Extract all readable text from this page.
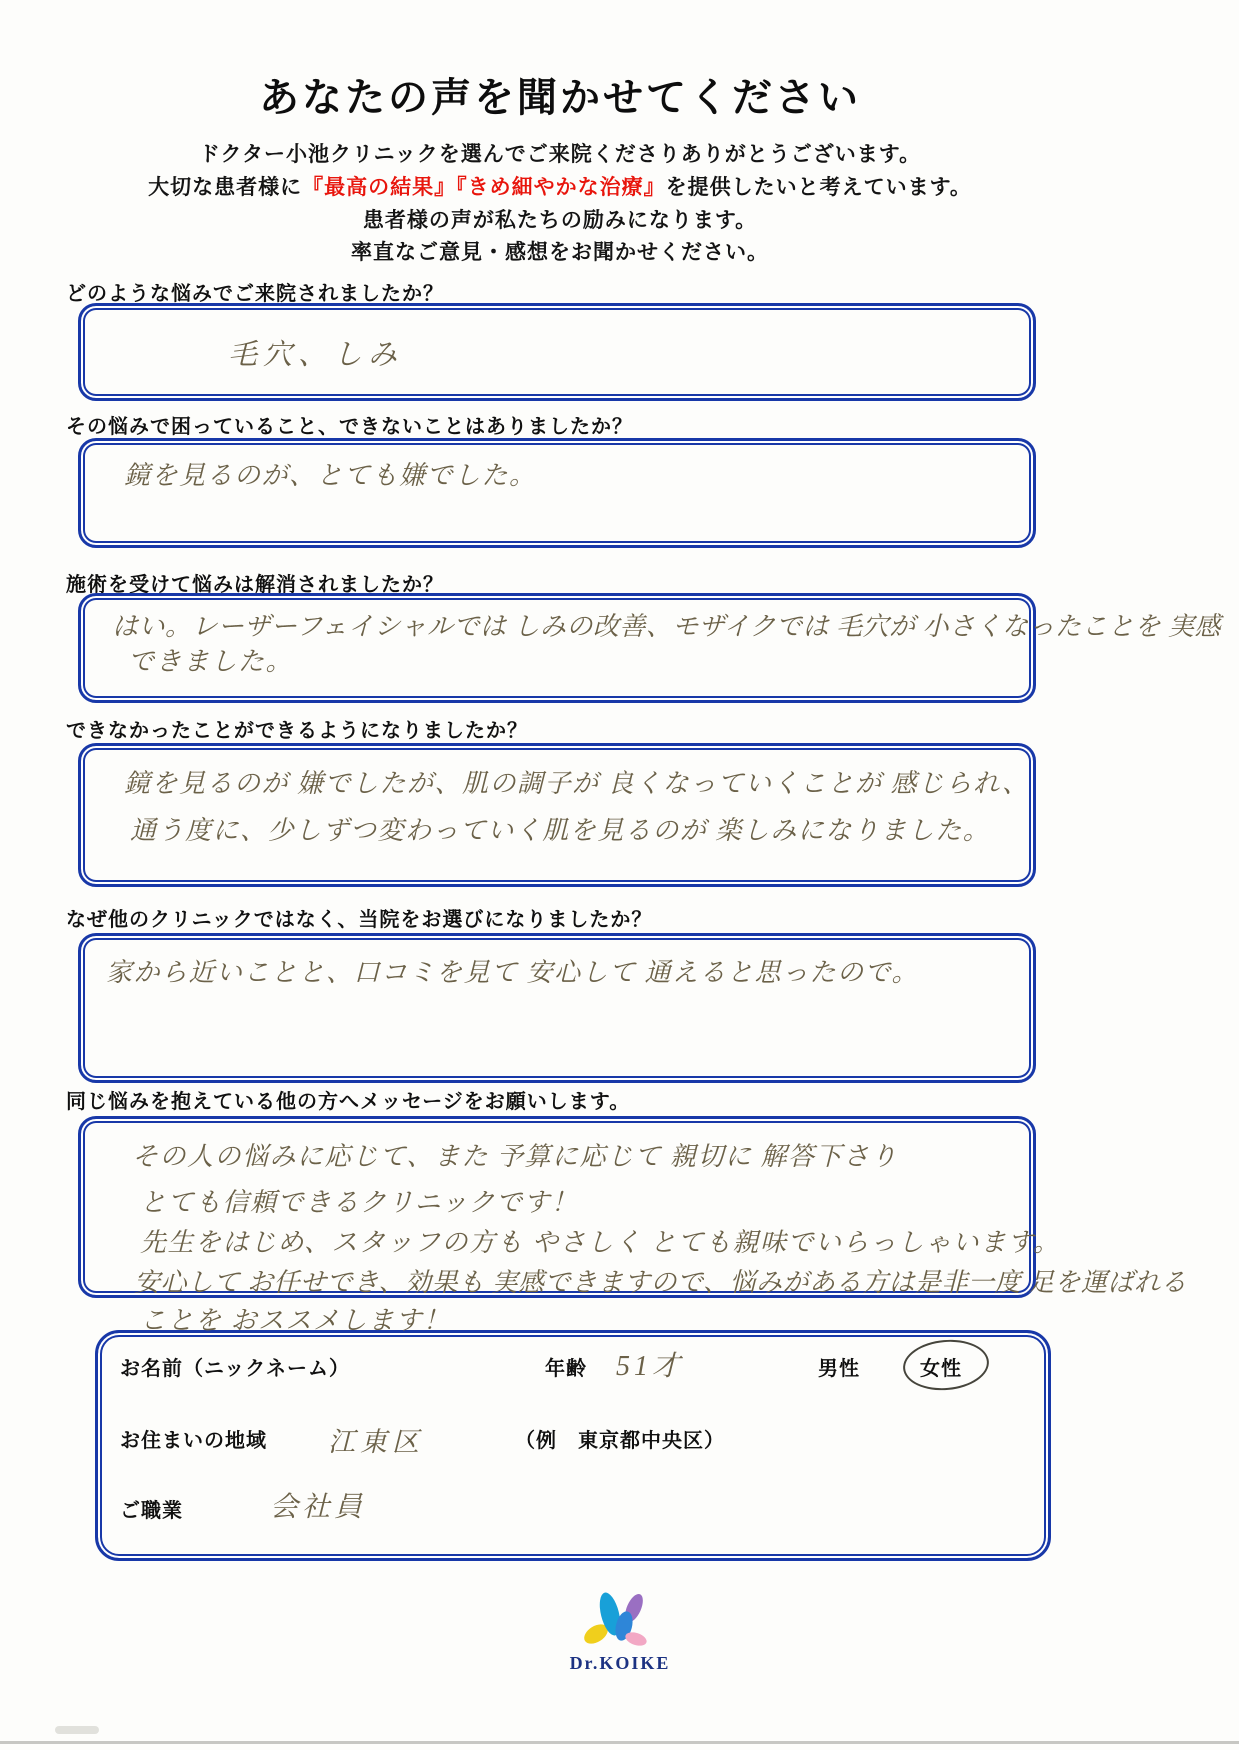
あなたの声を聞かせてください
ドクター小池クリニックを選んでご来院くださりありがとうございます。
大切な患者様に『最高の結果』『きめ細やかな治療』を提供したいと考えています。
患者様の声が私たちの励みになります。
率直なご意見・感想をお聞かせください。
どのような悩みでご来院されましたか？
毛穴、しみ
その悩みで困っていること、できないことはありましたか？
鏡を見るのが、とても嫌でした。
施術を受けて悩みは解消されましたか？
はい。レーザーフェイシャルでは しみの改善、モザイクでは 毛穴が 小さくなったことを 実感
できました。
できなかったことができるようになりましたか？
鏡を見るのが 嫌でしたが、肌の調子が 良くなっていくことが 感じられ、
通う度に、少しずつ変わっていく肌を見るのが 楽しみになりました。
なぜ他のクリニックではなく、当院をお選びになりましたか？
家から近いことと、口コミを見て 安心して 通えると思ったので。
同じ悩みを抱えている他の方へメッセージをお願いします。
その人の悩みに応じて、また 予算に応じて 親切に 解答下さり
とても信頼できるクリニックです！
先生をはじめ、スタッフの方も やさしく とても親味でいらっしゃいます。
安心して お任せでき、効果も 実感できますので、悩みがある方は是非一度 足を運ばれる
ことを おススメします！
お名前（ニックネーム）	年齢 51才	男性	女性
お住まいの地域 江東区	（例　東京都中央区）
ご職業	会社員
Dr.KOIKE
